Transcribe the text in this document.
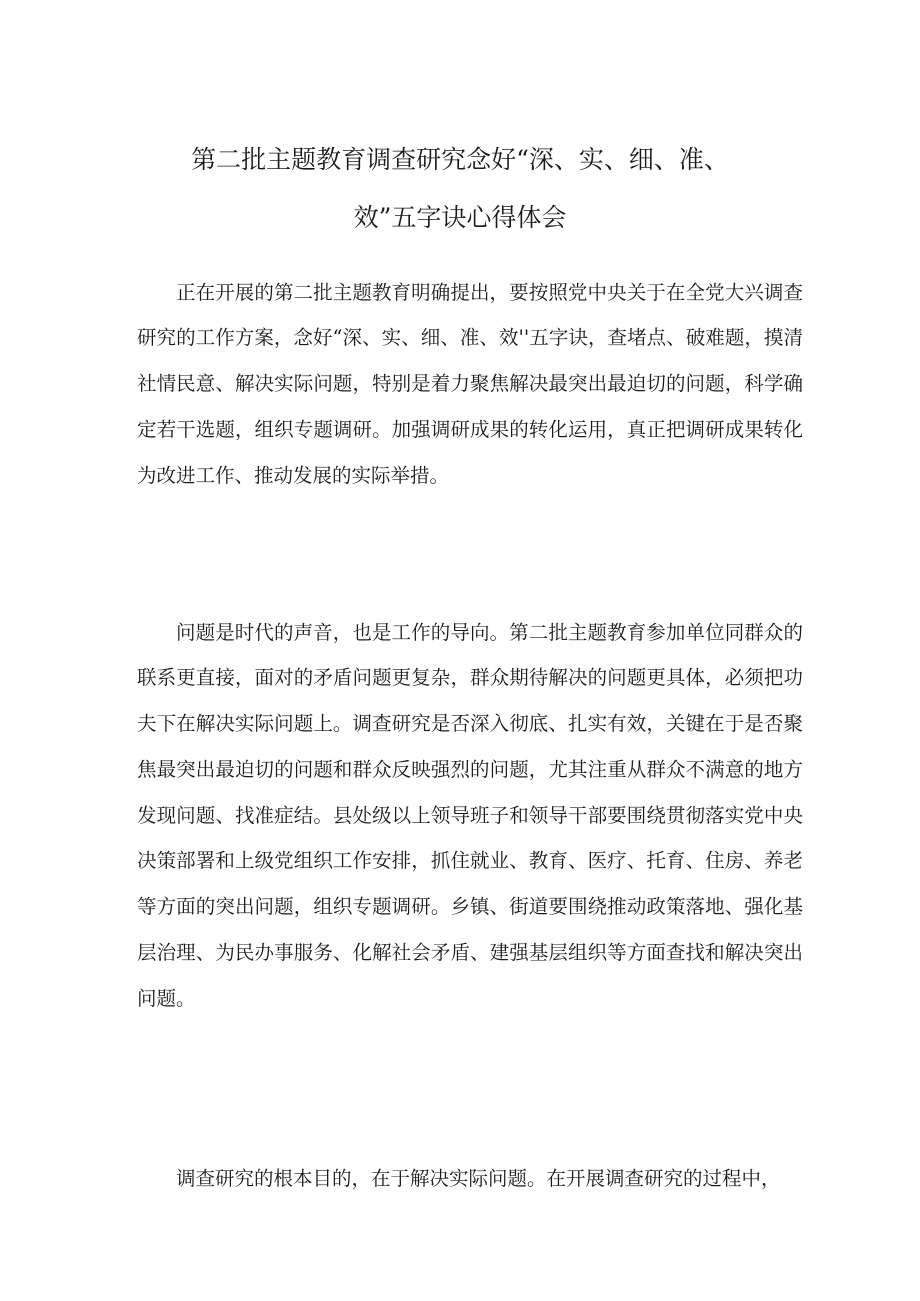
第二批主题教育调查研究念好“深、实、细、准、
效”五字诀心得体会

正在开展的第二批主题教育明确提出，要按照党中央关于在全党大兴调查研究的工作方案，念好“深、实、细、准、效''五字诀，查堵点、破难题，摸清社情民意、解决实际问题，特别是着力聚焦解决最突出最迫切的问题，科学确定若干选题，组织专题调研。加强调研成果的转化运用，真正把调研成果转化为改进工作、推动发展的实际举措。

问题是时代的声音，也是工作的导向。第二批主题教育参加单位同群众的联系更直接，面对的矛盾问题更复杂，群众期待解决的问题更具体，必须把功夫下在解决实际问题上。调查研究是否深入彻底、扎实有效，关键在于是否聚焦最突出最迫切的问题和群众反映强烈的问题，尤其注重从群众不满意的地方发现问题、找准症结。县处级以上领导班子和领导干部要围绕贯彻落实党中央决策部署和上级党组织工作安排，抓住就业、教育、医疗、托育、住房、养老等方面的突出问题，组织专题调研。乡镇、街道要围绕推动政策落地、强化基层治理、为民办事服务、化解社会矛盾、建强基层组织等方面查找和解决突出问题。

调查研究的根本目的，在于解决实际问题。在开展调查研究的过程中，
